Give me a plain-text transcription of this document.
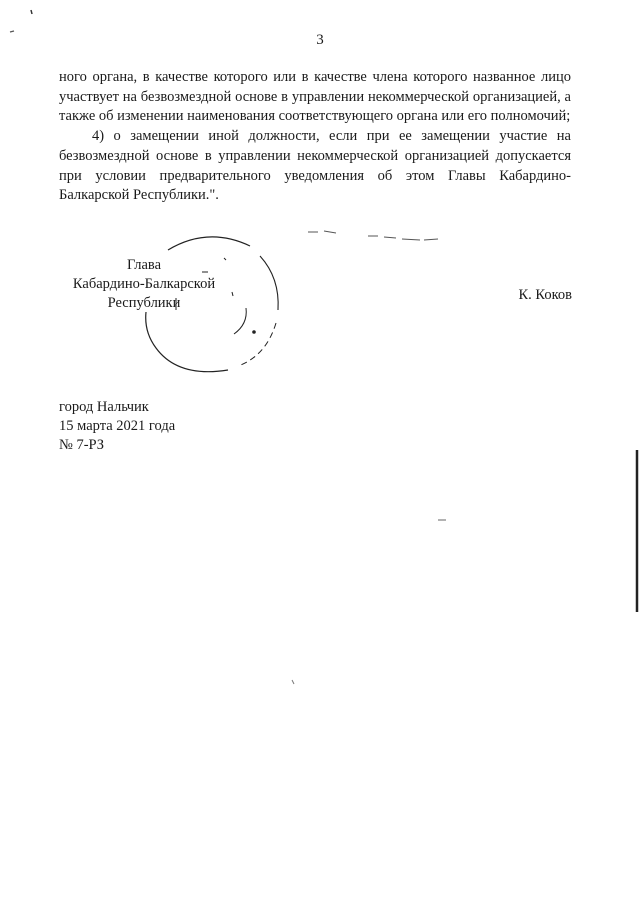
3

ного органа, в качестве которого или в качестве члена которого названное лицо участвует на безвозмездной основе в управлении некоммерческой организацией, а также об изменении наименования соответствующего органа или его полномочий;

4) о замещении иной должности, если при ее замещении участие на безвозмездной основе в управлении некоммерческой организацией допускается при условии предварительного уведомления об этом Главы Кабардино-Балкарской Республики.".

Глава
Кабардино-Балкарской
Республики	К. Коков
город Нальчик
15 марта 2021 года
№ 7-РЗ
